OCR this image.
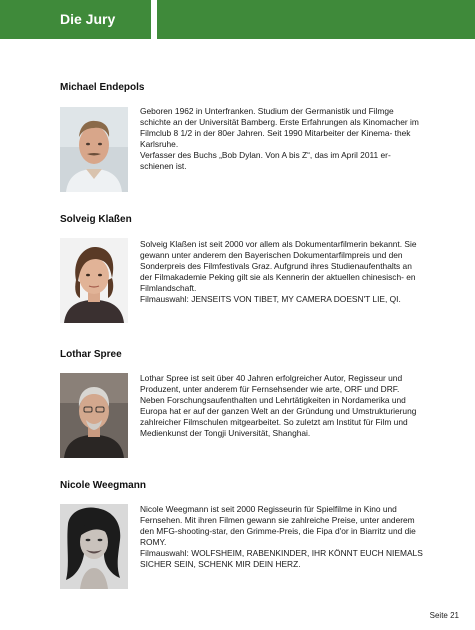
Die Jury
Michael Endepols

Geboren 1962 in Unterfranken. Studium der Germanistik und Filmge schichte an der Universität Bamberg. Erste Erfahrungen als Kinomacher im Filmclub 8 1/2 in der 80er Jahren. Seit 1990 Mitarbeiter der Kinema- thek Karlsruhe.

Verfasser des Buchs „Bob Dylan. Von A bis Z“, das im April 2011 er- schienen ist.

Solveig Klaßen

Solveig Klaßen ist seit 2000 vor allem als Dokumentarfilmerin bekannt. Sie gewann unter anderem den Bayerischen Dokumentarfilmpreis und den Sonderpreis des Filmfestivals Graz. Aufgrund ihres Studienaufenthalts an der Filmakademie Peking gilt sie als Kennerin der aktuellen chinesisch- en Filmlandschaft.

Filmauswahl: JENSEITS VON TIBET, MY CAMERA DOESN'T LIE, QI.

Lothar Spree

Lothar Spree ist seit über 40 Jahren erfolgreicher Autor, Regisseur und Produzent, unter anderem für Fernsehsender wie arte, ORF und DRF. Neben Forschungsaufenthalten und Lehrtätigkeiten in Nordamerika und Europa hat er auf der ganzen Welt an der Gründung und Umstrukturierung zahlreicher Filmschulen mitgearbeitet. So zuletzt am Institut für Film und Medienkunst der Tongji Universität, Shanghai.

Nicole Weegmann

Nicole Weegmann ist seit 2000 Regisseurin für Spielfilme in Kino und Fernsehen. Mit ihren Filmen gewann sie zahlreiche Preise, unter anderem den MFG-shooting-star, den Grimme-Preis, die Fipa d'or in Biarritz und die ROMY.

Filmauswahl: WOLFSHEIM, RABENKINDER, IHR KÖNNT EUCH NIEMALS SICHER SEIN, SCHENK MIR DEIN HERZ.

Seite 21
